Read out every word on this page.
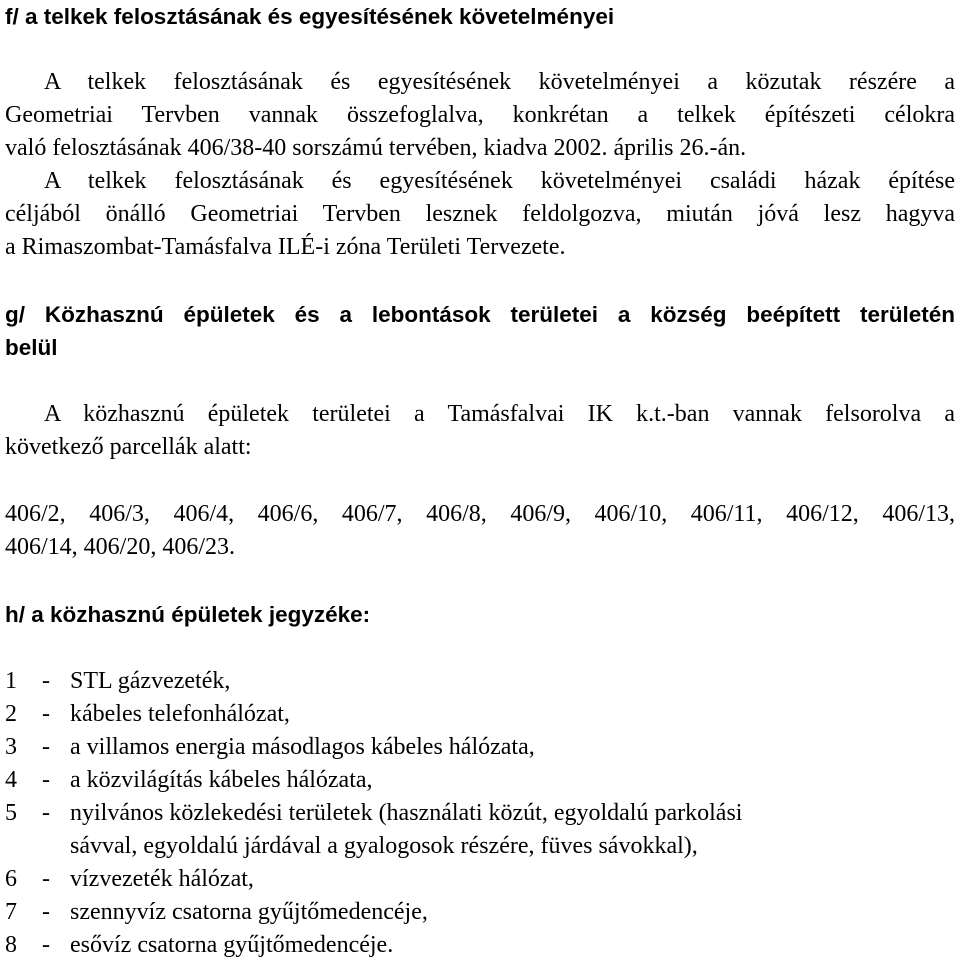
f/ a telkek felosztásának és egyesítésének követelményei
A telkek felosztásának és egyesítésének követelményei a közutak részére a
Geometriai Tervben vannak összefoglalva, konkrétan a telkek építészeti célokra
való felosztásának 406/38-40 sorszámú tervében, kiadva 2002. április 26.-án.
A telkek felosztásának és egyesítésének követelményei családi házak építése
céljából önálló Geometriai Tervben lesznek feldolgozva, miután jóvá lesz hagyva
a Rimaszombat-Tamásfalva ILÉ-i zóna Területi Tervezete.
g/ Közhasznú épületek és a lebontások területei a község beépített területén
belül
A közhasznú épületek területei a Tamásfalvai IK k.t.-ban vannak felsorolva a
következő parcellák alatt:
406/2, 406/3, 406/4, 406/6, 406/7, 406/8, 406/9, 406/10, 406/11, 406/12, 406/13,
406/14, 406/20, 406/23.
h/ a közhasznú épületek jegyzéke:
1 - STL gázvezeték,
2 - kábeles telefonhálózat,
3 - a villamos energia másodlagos kábeles hálózata,
4 - a közvilágítás kábeles hálózata,
5 - nyilvános közlekedési területek (használati közút, egyoldalú parkolási
sávval, egyoldalú járdával a gyalogosok részére, füves sávokkal),
6 - vízvezeték hálózat,
7 - szennyvíz csatorna gyűjtőmedencéje,
8 - esővíz csatorna gyűjtőmedencéje.
